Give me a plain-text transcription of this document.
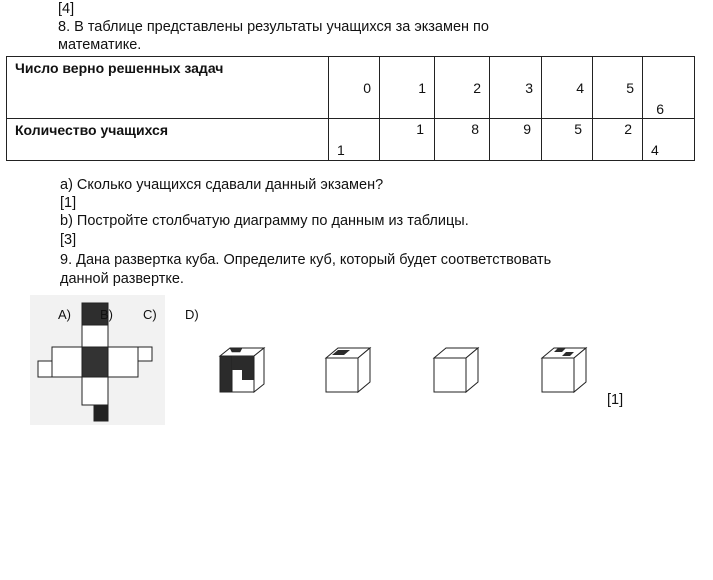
[4]
8. В таблице представлены результаты учащихся за экзамен по
математике.
Число верно решенных задач	0	1	2	3	4	5	6

Количество учащихся	1	1	8	9	5	2	4
a) Сколько учащихся сдавали данный экзамен?
[1]
b) Постройте столбчатую диаграмму по данным из таблицы.
[3]
9. Дана развертка куба. Определите куб, который будет соответствовать
данной развертке.
A) B) C) D)
[1]
